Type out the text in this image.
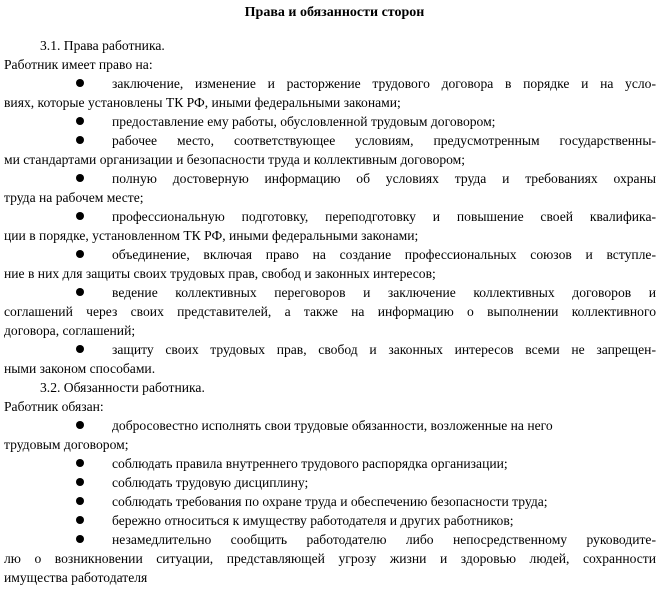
Права и обязанности сторон
3.1. Права работника.
Работник имеет право на:
заключение, изменение и расторжение трудового договора в порядке и на усло-
виях, которые установлены ТК РФ, иными федеральными законами;
предоставление ему работы, обусловленной трудовым договором;
рабочее место, соответствующее условиям, предусмотренным государственны-
ми стандартами организации и безопасности труда и коллективным договором;
полную достоверную информацию об условиях труда и требованиях охраны
труда на рабочем месте;
профессиональную подготовку, переподготовку и повышение своей квалифика-
ции в порядке, установленном ТК РФ, иными федеральными законами;
объединение, включая право на создание профессиональных союзов и вступле-
ние в них для защиты своих трудовых прав, свобод и законных интересов;
ведение коллективных переговоров и заключение коллективных договоров и
соглашений через своих представителей, а также на информацию о выполнении коллективного
договора, соглашений;
защиту своих трудовых прав, свобод и законных интересов всеми не запрещен-
ными законом способами.
3.2. Обязанности работника.
Работник обязан:
добросовестно исполнять свои трудовые обязанности, возложенные на него
трудовым договором;
соблюдать правила внутреннего трудового распорядка организации;
соблюдать трудовую дисциплину;
соблюдать требования по охране труда и обеспечению безопасности труда;
бережно относиться к имуществу работодателя и других работников;
незамедлительно сообщить работодателю либо непосредственному руководите-
лю о возникновении ситуации, представляющей угрозу жизни и здоровью людей, сохранности
имущества работодателя
